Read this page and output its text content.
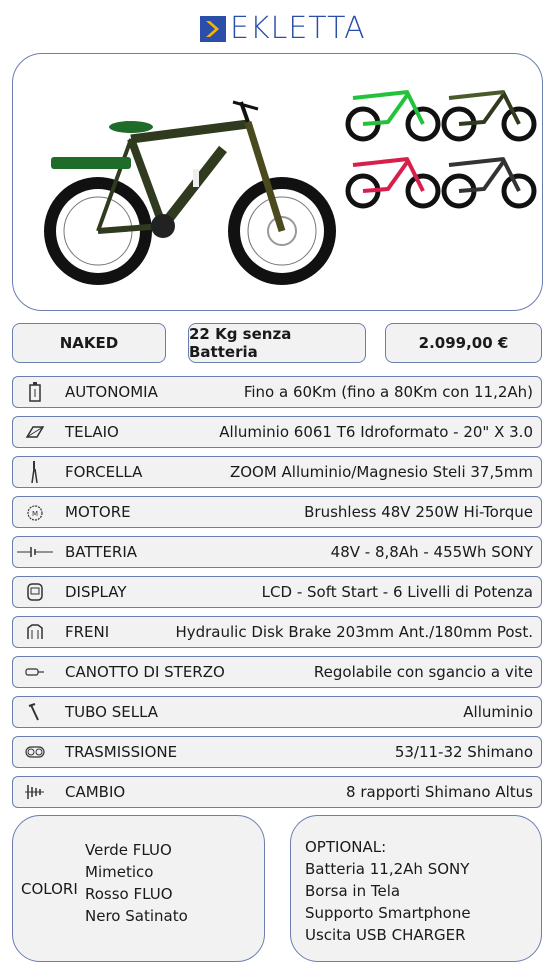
EKLETTA
NAKED	22 Kg senza Batteria	2.099,00 €
AUTONOMIA	Fino a 60Km (fino a 80Km con 11,2Ah)
TELAIO	Alluminio 6061 T6 Idroformato - 20" X 3.0
FORCELLA	ZOOM Alluminio/Magnesio Steli 37,5mm
M MOTORE	Brushless 48V 250W Hi-Torque
BATTERIA	48V - 8,8Ah - 455Wh SONY
DISPLAY	LCD - Soft Start - 6 Livelli di Potenza
FRENI	Hydraulic Disk Brake 203mm Ant./180mm Post.
CANOTTO DI STERZO	Regolabile con sgancio a vite
TUBO SELLA	Alluminio
TRASMISSIONE	53/11-32 Shimano
CAMBIO	8 rapporti Shimano Altus
COLORI
Verde FLUO
Mimetico
Rosso FLUO
Nero Satinato
OPTIONAL:
Batteria 11,2Ah SONY
Borsa in Tela
Supporto Smartphone
Uscita USB CHARGER
